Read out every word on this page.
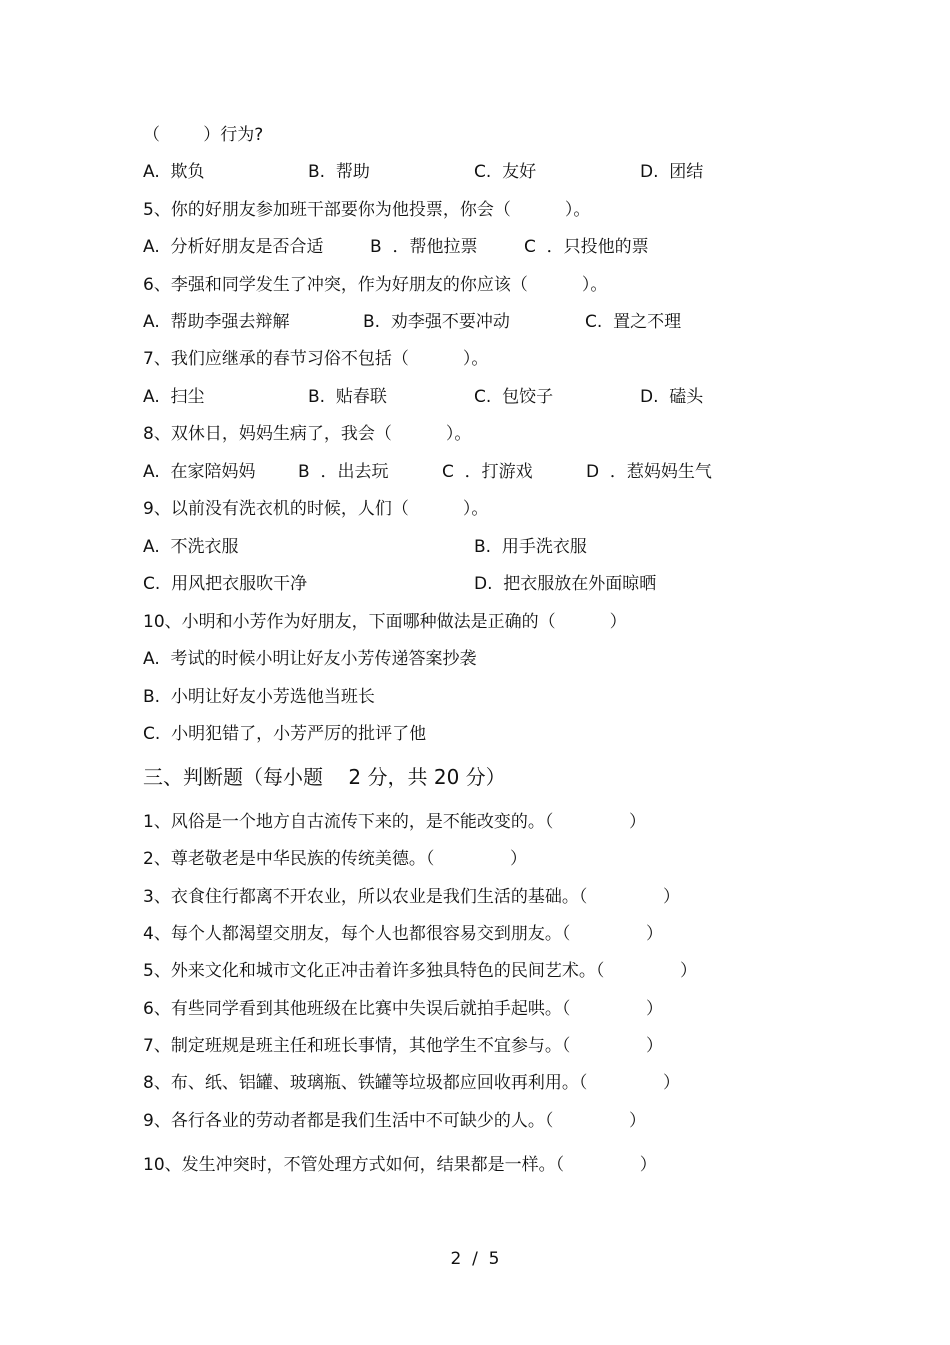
（        ）行为?
A.  欺负	B.  帮助	C.  友好	D.  团结
5、你的好朋友参加班干部要你为他投票，你会（          ）。
A.  分析好朋友是否合适	B  ．帮他拉票	C  ．只投他的票
6、李强和同学发生了冲突，作为好朋友的你应该（          ）。
A.  帮助李强去辩解	B.  劝李强不要冲动	C.  置之不理
7、我们应继承的春节习俗不包括（          ）。
A.  扫尘	B.  贴春联	C.  包饺子	D.  磕头
8、双休日，妈妈生病了，我会（          ）。
A.  在家陪妈妈 B  ．出去玩	C  ．打游戏	D  ．惹妈妈生气
9、以前没有洗衣机的时候，人们（          ）。
A.  不洗衣服	B.  用手洗衣服
C.  用风把衣服吹干净	D.  把衣服放在外面晾晒
10、小明和小芳作为好朋友，下面哪种做法是正确的（          ）
A.  考试的时候小明让好友小芳传递答案抄袭
B.  小明让好友小芳选他当班长
C.  小明犯错了，小芳严厉的批评了他
三、判断题（每小题    2 分，共 20 分）
1、风俗是一个地方自古流传下来的，是不能改变的。（              ）
2、尊老敬老是中华民族的传统美德。（              ）
3、衣食住行都离不开农业，所以农业是我们生活的基础。（              ）
4、每个人都渴望交朋友，每个人也都很容易交到朋友。（              ）
5、外来文化和城市文化正冲击着许多独具特色的民间艺术。（              ）
6、有些同学看到其他班级在比赛中失误后就拍手起哄。（              ）
7、制定班规是班主任和班长事情，其他学生不宜参与。（              ）
8、布、纸、铝罐、玻璃瓶、铁罐等垃圾都应回收再利用。（              ）
9、各行各业的劳动者都是我们生活中不可缺少的人。（              ）
10、发生冲突时，不管处理方式如何，结果都是一样。（              ）
2  /  5
